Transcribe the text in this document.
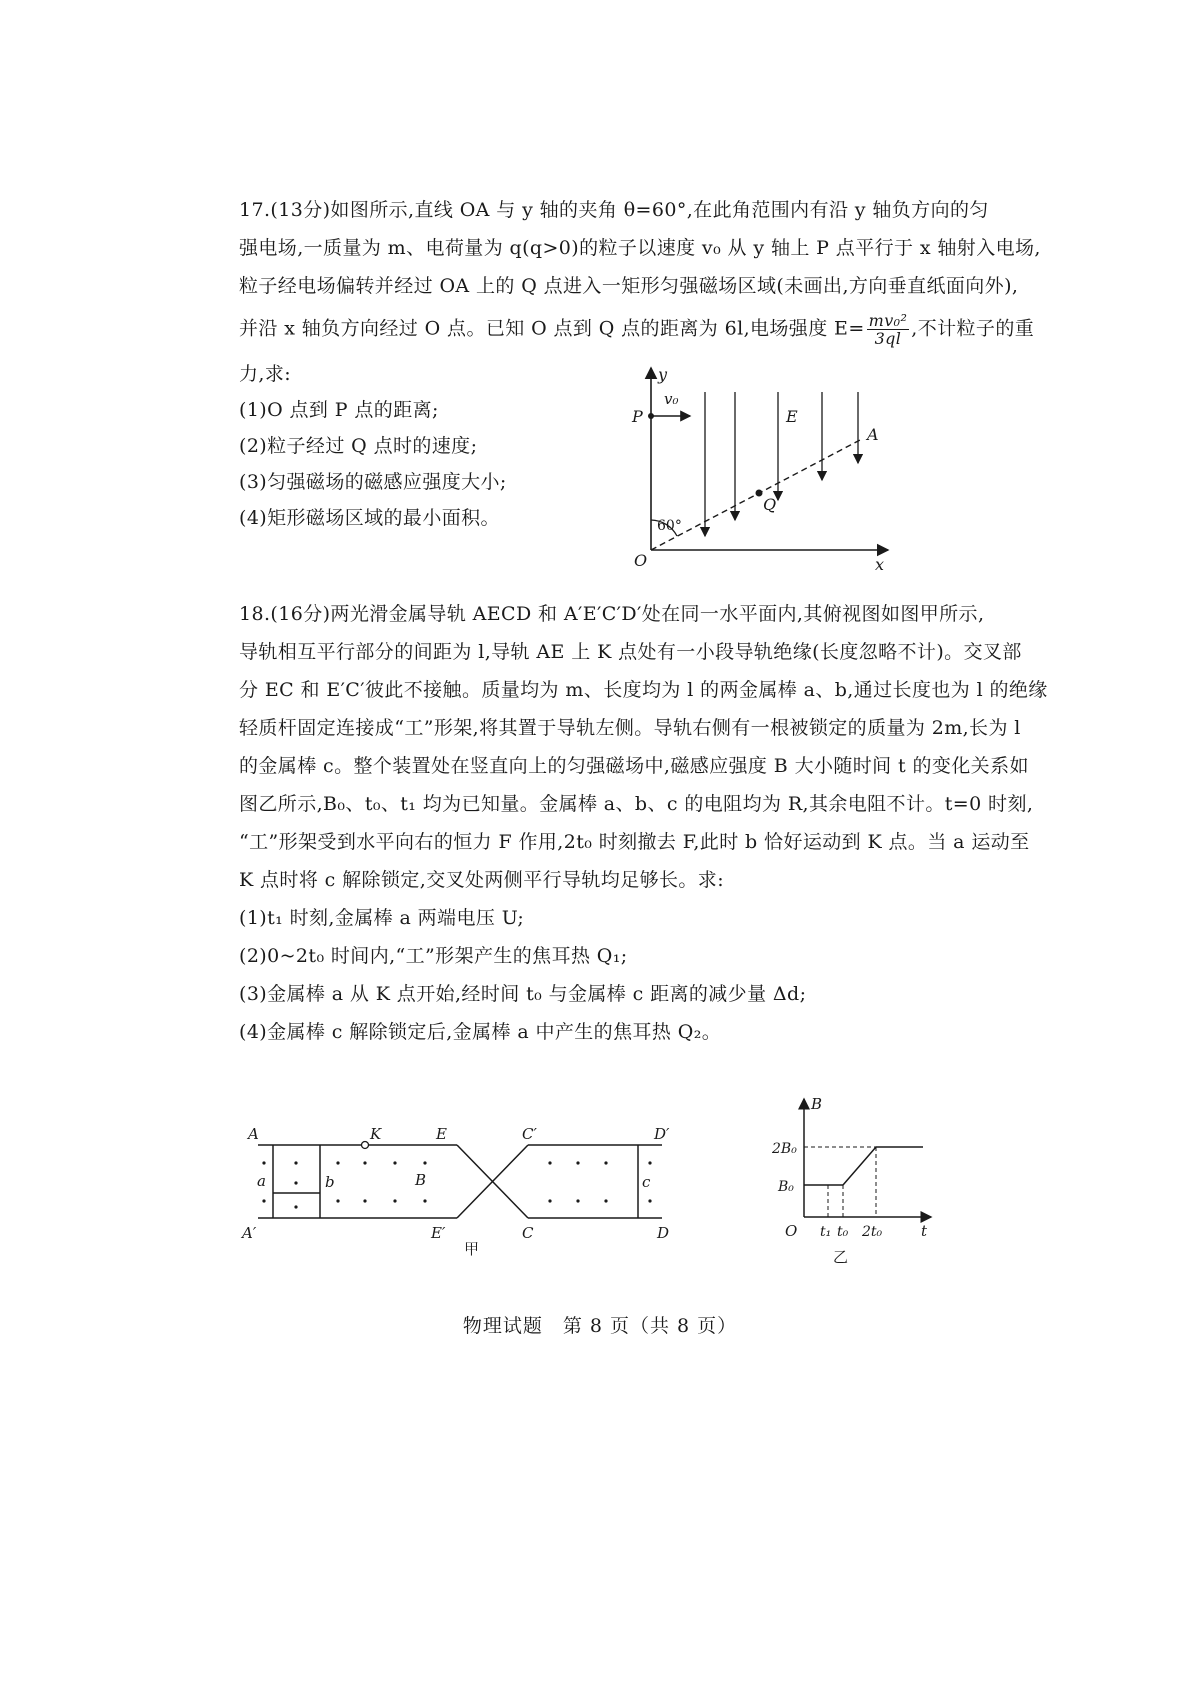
17.(13分)如图所示,直线 OA 与 y 轴的夹角 θ=60°,在此角范围内有沿 y 轴负方向的匀
强电场,一质量为 m、电荷量为 q(q>0)的粒子以速度 v₀ 从 y 轴上 P 点平行于 x 轴射入电场,
粒子经电场偏转并经过 OA 上的 Q 点进入一矩形匀强磁场区域(未画出,方向垂直纸面向外),
并沿 x 轴负方向经过 O 点。已知 O 点到 Q 点的距离为 6l,电场强度 $E= \frac{\text{mv₀²}}{3ql}$ ,不计粒子的重
力,求:
(1)O 点到 P 点的距离;
(2)粒子经过 Q 点时的速度;
(3)匀强磁场的磁感应强度大小;
(4)矩形磁场区域的最小面积。
y
x
O
P
v₀
E
A
Q
60°
18.(16分)两光滑金属导轨 AECD 和 A′E′C′D′处在同一水平面内,其俯视图如图甲所示,
导轨相互平行部分的间距为 l,导轨 AE 上 K 点处有一小段导轨绝缘(长度忽略不计)。交叉部
分 EC 和 E′C′彼此不接触。质量均为 m、长度均为 l 的两金属棒 a、b,通过长度也为 l 的绝缘
轻质杆固定连接成“工”形架,将其置于导轨左侧。导轨右侧有一根被锁定的质量为 2m,长为 l
的金属棒 c。整个装置处在竖直向上的匀强磁场中,磁感应强度 B 大小随时间 t 的变化关系如
图乙所示,B₀、t₀、t₁ 均为已知量。金属棒 a、b、c 的电阻均为 R,其余电阻不计。t=0 时刻,
“工”形架受到水平向右的恒力 F 作用,2t₀ 时刻撤去 F,此时 b 恰好运动到 K 点。当 a 运动至
K 点时将 c 解除锁定,交叉处两侧平行导轨均足够长。求:
(1)t₁ 时刻,金属棒 a 两端电压 U;
(2)0~2t₀ 时间内,“工”形架产生的焦耳热 Q₁;
(3)金属棒 a 从 K 点开始,经时间 t₀ 与金属棒 c 距离的减少量 Δd;
(4)金属棒 c 解除锁定后,金属棒 a 中产生的焦耳热 Q₂。
A	K	E	C′	D′
A′	E′	C	D
a	b	B	c
甲
B
2B₀
B₀
O t₁ t₀ 2t₀	t
乙
物理试题　第 8 页（共 8 页）
